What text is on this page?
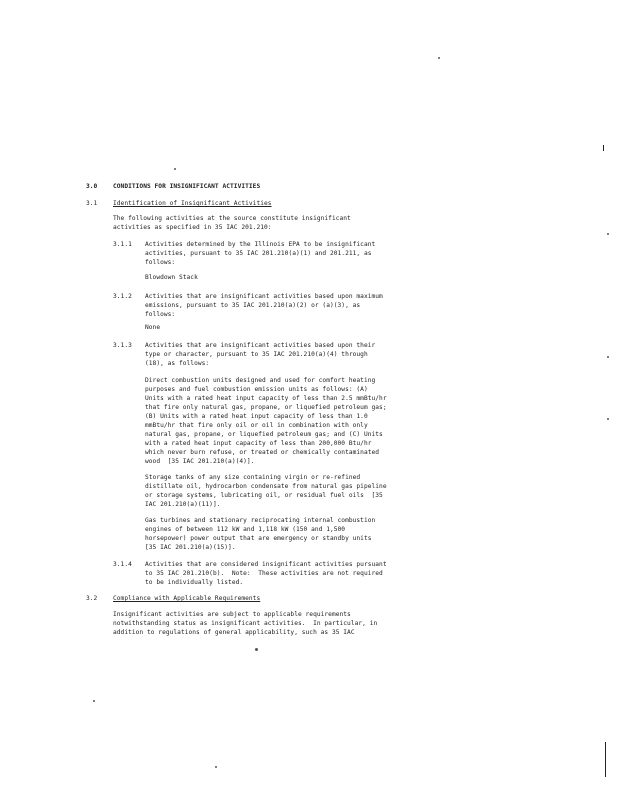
3.0	CONDITIONS FOR INSIGNIFICANT ACTIVITIES
3.1	Identification of Insignificant Activities
The following activities at the source constitute insignificant
activities as specified in 35 IAC 201.210:
3.1.1 Activities determined by the Illinois EPA to be insignificant
activities, pursuant to 35 IAC 201.210(a)(1) and 201.211, as
follows:
Blowdown Stack
3.1.2 Activities that are insignificant activities based upon maximum
emissions, pursuant to 35 IAC 201.210(a)(2) or (a)(3), as
follows:
None
3.1.3 Activities that are insignificant activities based upon their
type or character, pursuant to 35 IAC 201.210(a)(4) through
(18), as follows:
Direct combustion units designed and used for comfort heating
purposes and fuel combustion emission units as follows: (A)
Units with a rated heat input capacity of less than 2.5 mmBtu/hr
that fire only natural gas, propane, or liquefied petroleum gas;
(B) Units with a rated heat input capacity of less than 1.0
mmBtu/hr that fire only oil or oil in combination with only
natural gas, propane, or liquefied petroleum gas; and (C) Units
with a rated heat input capacity of less than 200,000 Btu/hr
which never burn refuse, or treated or chemically contaminated
wood  [35 IAC 201.210(a)(4)].
Storage tanks of any size containing virgin or re-refined
distillate oil, hydrocarbon condensate from natural gas pipeline
or storage systems, lubricating oil, or residual fuel oils  [35
IAC 201.210(a)(11)].
Gas turbines and stationary reciprocating internal combustion
engines of between 112 kW and 1,118 kW (150 and 1,500
horsepower) power output that are emergency or standby units
[35 IAC 201.210(a)(15)].
3.1.4 Activities that are considered insignificant activities pursuant
to 35 IAC 201.210(b).  Note:  These activities are not required
to be individually listed.
3.2	Compliance with Applicable Requirements
Insignificant activities are subject to applicable requirements
notwithstanding status as insignificant activities.  In particular, in
addition to regulations of general applicability, such as 35 IAC
